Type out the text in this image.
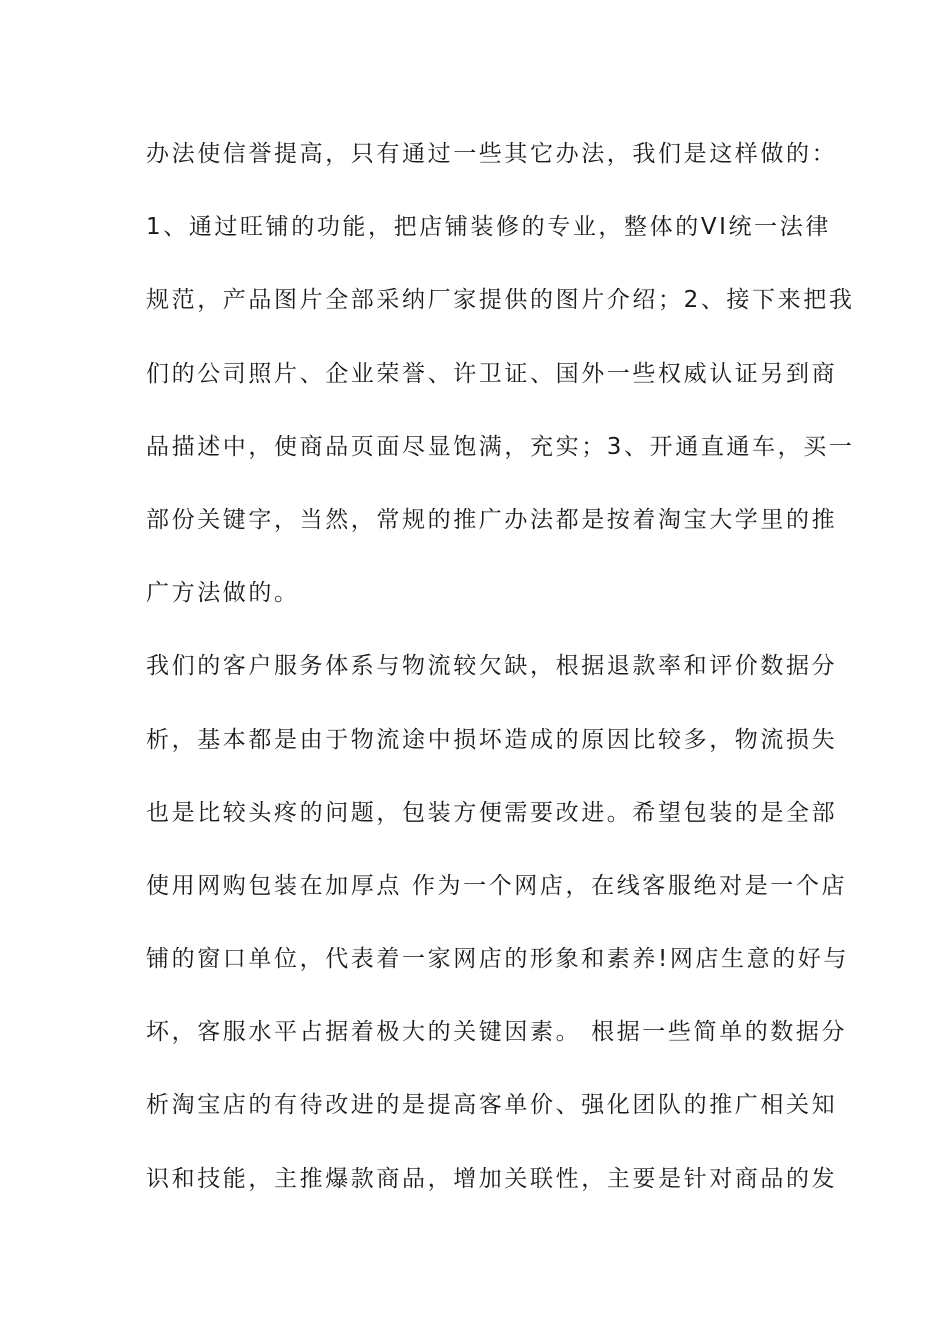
办法使信誉提高，只有通过一些其它办法，我们是这样做的：
1、通过旺铺的功能，把店铺装修的专业，整体的VI统一法律
规范，产品图片全部采纳厂家提供的图片介绍；2、接下来把我
们的公司照片、企业荣誉、许卫证、国外一些权威认证另到商
品描述中，使商品页面尽显饱满，充实；3、开通直通车，买一
部份关键字，当然，常规的推广办法都是按着淘宝大学里的推
广方法做的。
我们的客户服务体系与物流较欠缺，根据退款率和评价数据分
析，基本都是由于物流途中损坏造成的原因比较多，物流损失
也是比较头疼的问题，包装方便需要改进。希望包装的是全部
使用网购包装在加厚点 作为一个网店，在线客服绝对是一个店
铺的窗口单位，代表着一家网店的形象和素养!网店生意的好与
坏，客服水平占据着极大的关键因素。 根据一些简单的数据分
析淘宝店的有待改进的是提高客单价、强化团队的推广相关知
识和技能，主推爆款商品，增加关联性，主要是针对商品的发
